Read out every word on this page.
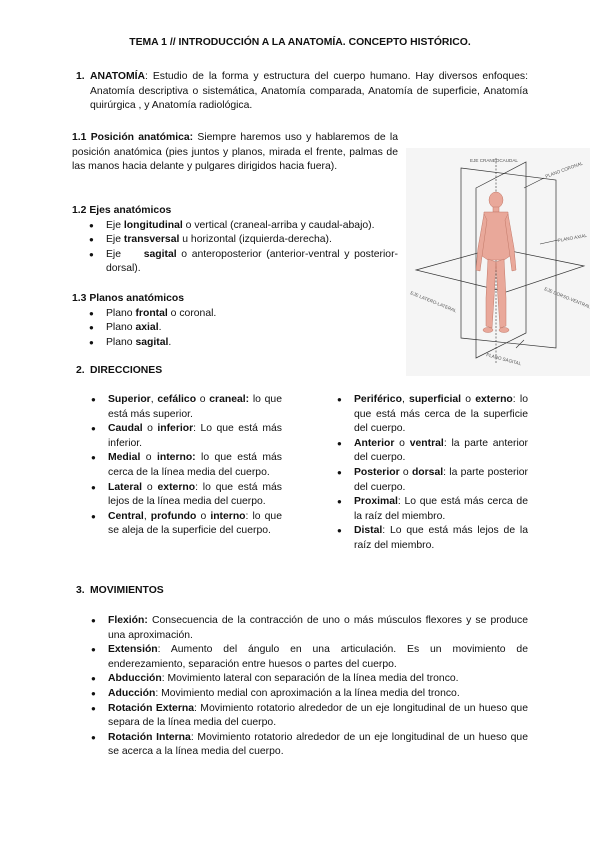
TEMA 1 // INTRODUCCIÓN A LA ANATOMÍA. CONCEPTO HISTÓRICO.
1. ANATOMÍA: Estudio de la forma y estructura del cuerpo humano. Hay diversos enfoques: Anatomía descriptiva o sistemática, Anatomía comparada, Anatomía de superficie, Anatomía quirúrgica , y Anatomía radiológica.
1.1 Posición anatómica: Siempre haremos uso y hablaremos de la posición anatómica (pies juntos y planos, mirada el frente, palmas de las manos hacia delante y pulgares dirigidos hacia fuera).
1.2 Ejes anatómicos
● Eje longitudinal o vertical (craneal-arriba y caudal-abajo).
● Eje transversal u horizontal (izquierda-derecha).
● Eje sagital o anteroposterior (anterior-ventral y posterior-dorsal).
1.3 Planos anatómicos
● Plano frontal o coronal.
● Plano axial.
● Plano sagital.
EJE CRANEOCAUDAL
PLANO CORONAL
PLANO AXIAL
EJE LATERO-LATERAL	EJE DORSO-VENTRAL
PLANO SAGITAL
2. DIRECCIONES
● Superior, cefálico o craneal: lo que está más superior.
● Caudal o inferior: Lo que está más inferior.
● Medial o interno: lo que está más cerca de la línea media del cuerpo.
● Lateral o externo: lo que está más lejos de la línea media del cuerpo.
● Central, profundo o interno: lo que se aleja de la superficie del cuerpo.
● Periférico, superficial o externo: lo que está más cerca de la superficie del cuerpo.
● Anterior o ventral: la parte anterior del cuerpo.
● Posterior o dorsal: la parte posterior del cuerpo.
● Proximal: Lo que está más cerca de la raíz del miembro.
● Distal: Lo que está más lejos de la raíz del miembro.
3. MOVIMIENTOS
● Flexión: Consecuencia de la contracción de uno o más músculos flexores y se produce una aproximación.
● Extensión: Aumento del ángulo en una articulación. Es un movimiento de enderezamiento, separación entre huesos o partes del cuerpo.
● Abducción: Movimiento lateral con separación de la línea media del tronco.
● Aducción: Movimiento medial con aproximación a la línea media del tronco.
● Rotación Externa: Movimiento rotatorio alrededor de un eje longitudinal de un hueso que separa de la línea media del cuerpo.
● Rotación Interna: Movimiento rotatorio alrededor de un eje longitudinal de un hueso que se acerca a la línea media del cuerpo.
